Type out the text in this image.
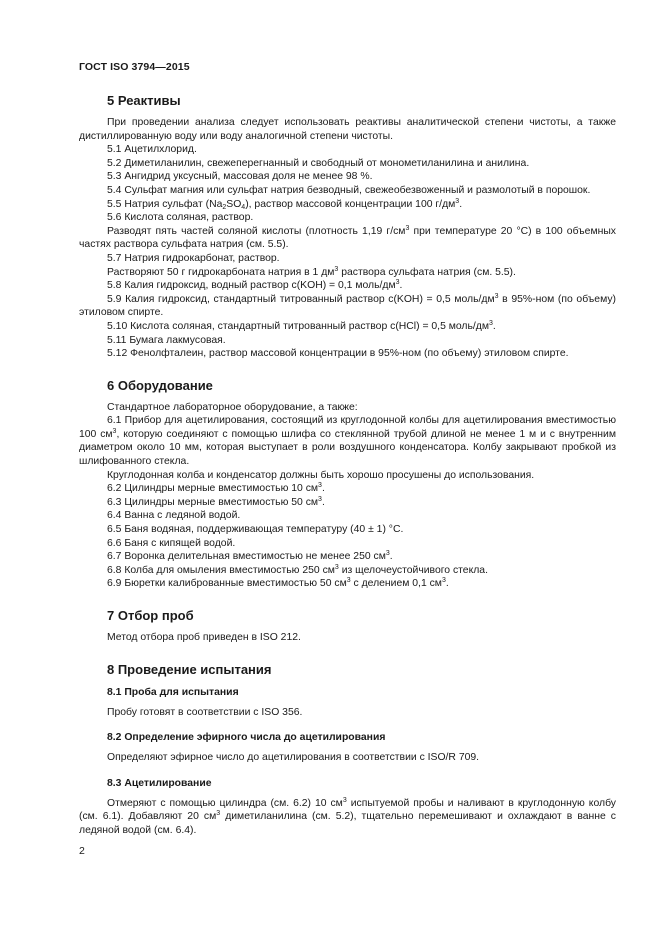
ГОСТ ISO 3794—2015
5 Реактивы

При проведении анализа следует использовать реактивы аналитической степени чистоты, а также дистиллированную воду или воду аналогичной степени чистоты.

5.1 Ацетилхлорид.

5.2 Диметиланилин, свежеперегнанный и свободный от монометиланилина и анилина.

5.3 Ангидрид уксусный, массовая доля не менее 98 %.

5.4 Сульфат магния или сульфат натрия безводный, свежеобезвоженный и размолотый в порошок.

5.5 Натрия сульфат $(Na_2SO_4)$, раствор массовой концентрации 100 $г/дм^3$.

5.6 Кислота соляная, раствор.

Разводят пять частей соляной кислоты (плотность 1,19 $г/см^3$ при температуре 20 °С) в 100 объемных частях раствора сульфата натрия (см. 5.5).

5.7 Натрия гидрокарбонат, раствор.

Растворяют 50 г гидрокарбоната натрия в 1 $дм^3$ раствора сульфата натрия (см. 5.5).

5.8 Калия гидроксид, водный раствор c(KOH) = 0,1 моль/$дм^3$.

5.9 Калия гидроксид, стандартный титрованный раствор c(KOH) = 0,5 моль/$дм^3$ в 95%-ном (по объему) этиловом спирте.

5.10 Кислота соляная, стандартный титрованный раствор c(HCl) = 0,5 моль/$дм^3$.

5.11 Бумага лакмусовая.

5.12 Фенолфталеин, раствор массовой концентрации в 95%-ном (по объему) этиловом спирте.

6 Оборудование

Стандартное лабораторное оборудование, а также:

6.1 Прибор для ацетилирования, состоящий из круглодонной колбы для ацетилирования вместимостью 100 $см^3$, которую соединяют с помощью шлифа со стеклянной трубой длиной не менее 1 м и с внутренним диаметром около 10 мм, которая выступает в роли воздушного конденсатора. Колбу закрывают пробкой из шлифованного стекла.

Круглодонная колба и конденсатор должны быть хорошо просушены до использования.

6.2 Цилиндры мерные вместимостью 10 $см^3$.

6.3 Цилиндры мерные вместимостью 50 $см^3$.

6.4 Ванна с ледяной водой.

6.5 Баня водяная, поддерживающая температуру (40 ± 1) °С.

6.6 Баня с кипящей водой.

6.7 Воронка делительная вместимостью не менее 250 $см^3$.

6.8 Колба для омыления вместимостью 250 $см^3$ из щелочеустойчивого стекла.

6.9 Бюретки калиброванные вместимостью 50 $см^3$ с делением 0,1 $см^3$.

7 Отбор проб

Метод отбора проб приведен в ISO 212.

8 Проведение испытания
8.1 Проба для испытания

Пробу готовят в соответствии с ISO 356.

8.2 Определение эфирного числа до ацетилирования

Определяют эфирное число до ацетилирования в соответствии с ISO/R 709.

8.3 Ацетилирование

Отмеряют с помощью цилиндра (см. 6.2) 10 $см^3$ испытуемой пробы и наливают в круглодонную колбу (см. 6.1). Добавляют 20 $см^3$ диметиланилина (см. 5.2), тщательно перемешивают и охлаждают в ванне с ледяной водой (см. 6.4).

2
